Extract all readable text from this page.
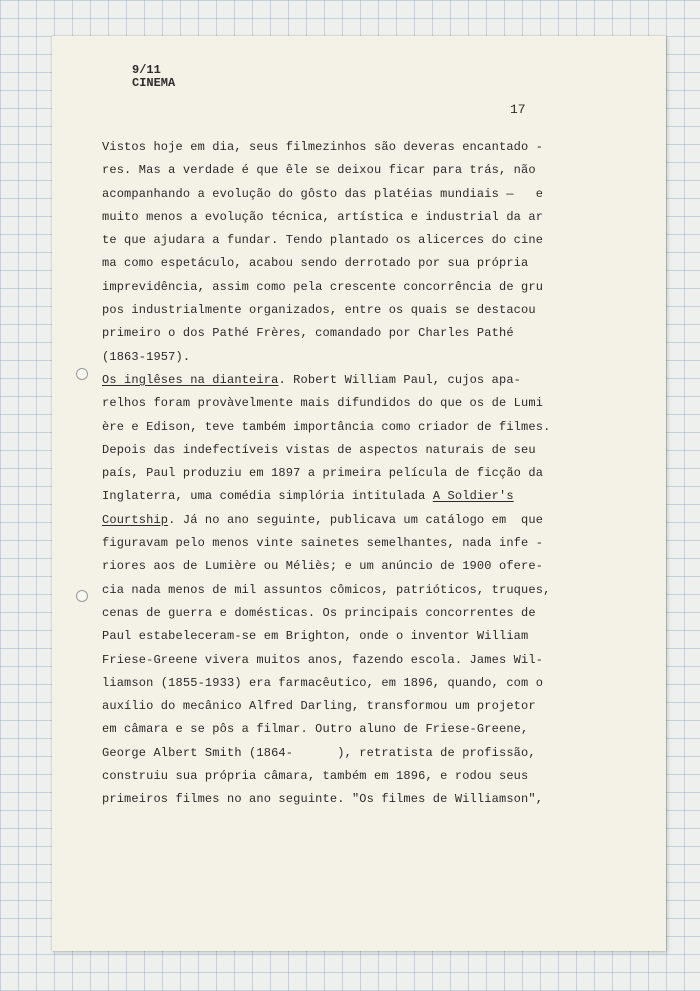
9/11
CINEMA
17
Vistos hoje em dia, seus filmezinhos são deveras encantado -
res. Mas a verdade é que êle se deixou ficar para trás, não
acompanhando a evolução do gôsto das platéias mundiais —   e
muito menos a evolução técnica, artística e industrial da ar
te que ajudara a fundar. Tendo plantado os alicerces do cine
ma como espetáculo, acabou sendo derrotado por sua própria
imprevidência, assim como pela crescente concorrência de gru
pos industrialmente organizados, entre os quais se destacou
primeiro o dos Pathé Frères, comandado por Charles Pathé
(1863-1957).
Os inglêses na dianteira. Robert William Paul, cujos apa-
relhos foram provàvelmente mais difundidos do que os de Lumi
ère e Edison, teve também importância como criador de filmes.
Depois das indefectíveis vistas de aspectos naturais de seu
país, Paul produziu em 1897 a primeira película de ficção da
Inglaterra, uma comédia simplória intitulada A Soldier's
Courtship. Já no ano seguinte, publicava um catálogo em  que
figuravam pelo menos vinte sainetes semelhantes, nada infe -
riores aos de Lumière ou Méliès; e um anúncio de 1900 ofere-
cia nada menos de mil assuntos cômicos, patrióticos, truques,
cenas de guerra e domésticas. Os principais concorrentes de
Paul estabeleceram-se em Brighton, onde o inventor William
Friese-Greene vivera muitos anos, fazendo escola. James Wil-
liamson (1855-1933) era farmacêutico, em 1896, quando, com o
auxílio do mecânico Alfred Darling, transformou um projetor
em câmara e se pôs a filmar. Outro aluno de Friese-Greene,
George Albert Smith (1864-      ), retratista de profissão,
construiu sua própria câmara, também em 1896, e rodou seus
primeiros filmes no ano seguinte. "Os filmes de Williamson",
